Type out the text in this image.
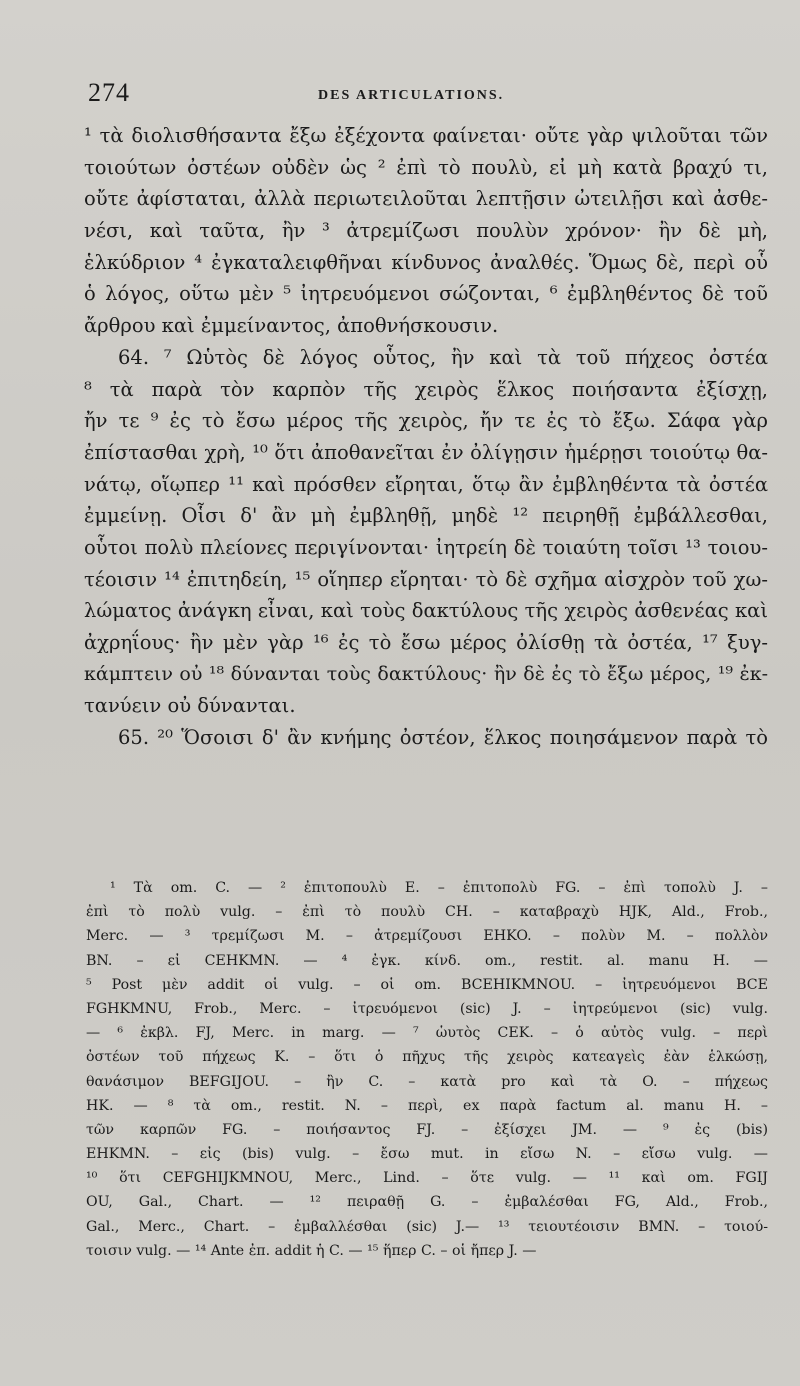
274	DES ARTICULATIONS.
¹ τὰ διολισθήσαντα ἔξω ἐξέχοντα φαίνεται· οὔτε γὰρ ψιλοῦται τῶν
τοιούτων ὀστέων οὐδὲν ὡς ² ἐπὶ τὸ πουλὺ, εἰ μὴ κατὰ βραχύ τι,
οὔτε ἀφίσταται, ἀλλὰ περιωτειλοῦται λεπτῇσιν ὠτειλῇσι καὶ ἀσθε-
νέσι, καὶ ταῦτα, ἢν ³ ἀτρεμίζωσι πουλὺν χρόνον· ἢν δὲ μὴ,
ἑλκύδριον ⁴ ἐγκαταλειφθῆναι κίνδυνος ἀναλθές. Ὅμως δὲ, περὶ οὗ
ὁ λόγος, οὕτω μὲν ⁵ ἰητρευόμενοι σώζονται, ⁶ ἐμβληθέντος δὲ τοῦ
ἄρθρου καὶ ἐμμείναντος, ἀποθνήσκουσιν.
64. ⁷ Ωὑτὸς δὲ λόγος οὗτος, ἢν καὶ τὰ τοῦ πήχεος ὀστέα
⁸ τὰ παρὰ τὸν καρπὸν τῆς χειρὸς ἕλκος ποιήσαντα ἐξίσχῃ,
ἤν τε ⁹ ἐς τὸ ἔσω μέρος τῆς χειρὸς, ἤν τε ἐς τὸ ἔξω. Σάφα γὰρ
ἐπίστασθαι χρὴ, ¹⁰ ὅτι ἀποθανεῖται ἐν ὀλίγῃσιν ἡμέρῃσι τοιούτῳ θα-
νάτῳ, οἵῳπερ ¹¹ καὶ πρόσθεν εἴρηται, ὅτῳ ἂν ἐμβληθέντα τὰ ὀστέα
ἐμμείνῃ. Οἷσι δ' ἂν μὴ ἐμβληθῇ, μηδὲ ¹² πειρηθῇ ἐμβάλλεσθαι,
οὗτοι πολὺ πλείονες περιγίνονται· ἰητρείη δὲ τοιαύτη τοῖσι ¹³ τοιου-
τέοισιν ¹⁴ ἐπιτηδείη, ¹⁵ οἵηπερ εἴρηται· τὸ δὲ σχῆμα αἰσχρὸν τοῦ χω-
λώματος ἀνάγκη εἶναι, καὶ τοὺς δακτύλους τῆς χειρὸς ἀσθενέας καὶ
ἀχρηΐους· ἢν μὲν γὰρ ¹⁶ ἐς τὸ ἔσω μέρος ὀλίσθῃ τὰ ὀστέα, ¹⁷ ξυγ-
κάμπτειν οὐ ¹⁸ δύνανται τοὺς δακτύλους· ἢν δὲ ἐς τὸ ἔξω μέρος, ¹⁹ ἐκ-
τανύειν οὐ δύνανται.
65. ²⁰ Ὅσοισι δ' ἂν κνήμης ὀστέον, ἕλκος ποιησάμενον παρὰ τὸ
¹ Τὰ om. C. — ² ἐπιτοπουλὺ E. – ἐπιτοπολὺ FG. – ἐπὶ τοπολὺ J. –
ἐπὶ τὸ πολὺ vulg. – ἐπὶ τὸ πουλὺ CH. – καταβραχὺ HJK, Ald., Frob.,
Merc. — ³ τρεμίζωσι M. – ἀτρεμίζουσι EHKO. – πολὺν M. – πολλὸν
BN. – εἰ CEHKMN. — ⁴ ἐγκ. κίνδ. om., restit. al. manu H. —
⁵ Post μὲν addit οἱ vulg. – οἱ om. BCEHIKMNOU. – ἰητρευόμενοι BCE
FGHKMNU, Frob., Merc. – ἰτρευόμενοι (sic) J. – ἰητρεύμενοι (sic) vulg.
— ⁶ ἐκβλ. FJ, Merc. in marg. — ⁷ ὡυτὸς CEK. – ὁ αὐτὸς vulg. – περὶ
ὀστέων τοῦ πήχεως K. – ὅτι ὁ πῆχυς τῆς χειρὸς κατεαγεὶς ἐὰν ἑλκώσῃ,
θανάσιμον BEFGIJOU. – ἢν C. – κατὰ pro καὶ τὰ O. – πήχεως
HK. — ⁸ τὰ om., restit. N. – περὶ, ex παρὰ factum al. manu H. –
τῶν καρπῶν FG. – ποιήσαντος FJ. – ἐξίσχει JM. — ⁹ ἐς (bis)
EHKMN. – εἰς (bis) vulg. – ἔσω mut. in εἴσω N. – εἴσω vulg. —
¹⁰ ὅτι CEFGHIJKMNOU, Merc., Lind. – ὅτε vulg. — ¹¹ καὶ om. FGIJ
OU, Gal., Chart. — ¹² πειραθῇ G. – ἐμβαλέσθαι FG, Ald., Frob.,
Gal., Merc., Chart. – ἐμβαλλέσθαι (sic) J.— ¹³ τειουτέοισιν BMN. – τοιού-
τοισιν vulg. — ¹⁴ Ante ἐπ. addit ἡ C. — ¹⁵ ἥπερ C. – οἱ ἤπερ J. —
